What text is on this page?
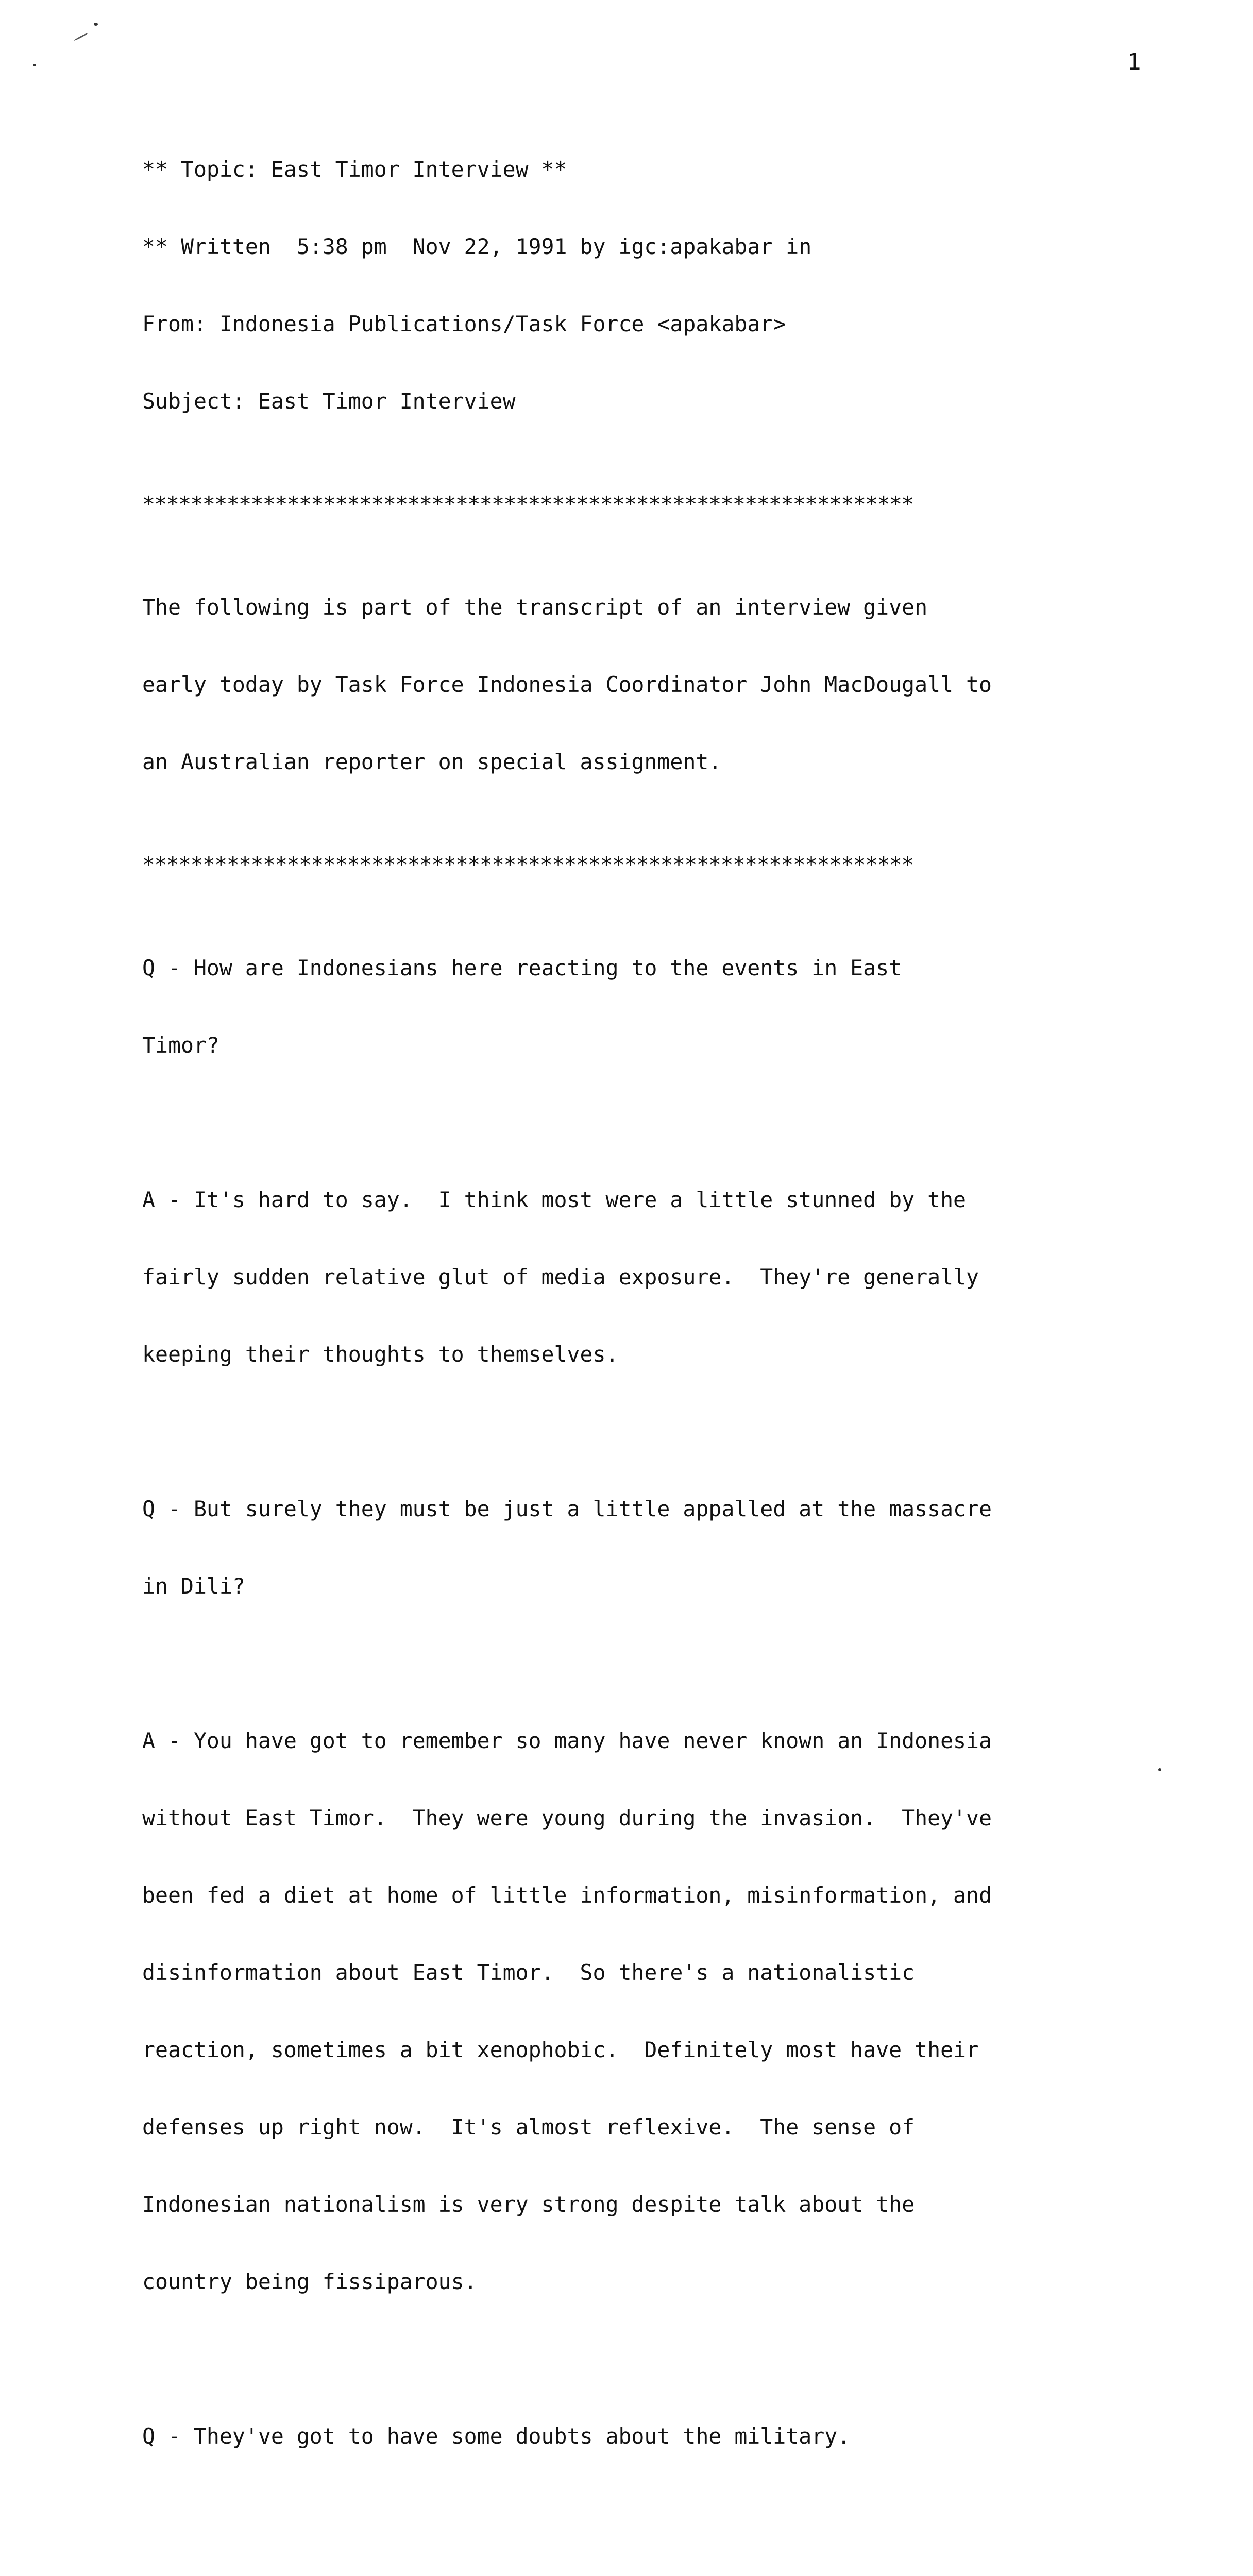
1

** Topic: East Timor Interview **

** Written  5:38 pm  Nov 22, 1991 by igc:apakabar in

From: Indonesia Publications/Task Force <apakabar>

Subject: East Timor Interview

****************************************************************

The following is part of the transcript of an interview given

early today by Task Force Indonesia Coordinator John MacDougall to

an Australian reporter on special assignment.

****************************************************************

Q - How are Indonesians here reacting to the events in East

Timor?

A - It's hard to say.  I think most were a little stunned by the

fairly sudden relative glut of media exposure.  They're generally

keeping their thoughts to themselves.

Q - But surely they must be just a little appalled at the massacre

in Dili?

A - You have got to remember so many have never known an Indonesia

without East Timor.  They were young during the invasion.  They've

been fed a diet at home of little information, misinformation, and

disinformation about East Timor.  So there's a nationalistic

reaction, sometimes a bit xenophobic.  Definitely most have their

defenses up right now.  It's almost reflexive.  The sense of

Indonesian nationalism is very strong despite talk about the

country being fissiparous.

Q - They've got to have some doubts about the military.
